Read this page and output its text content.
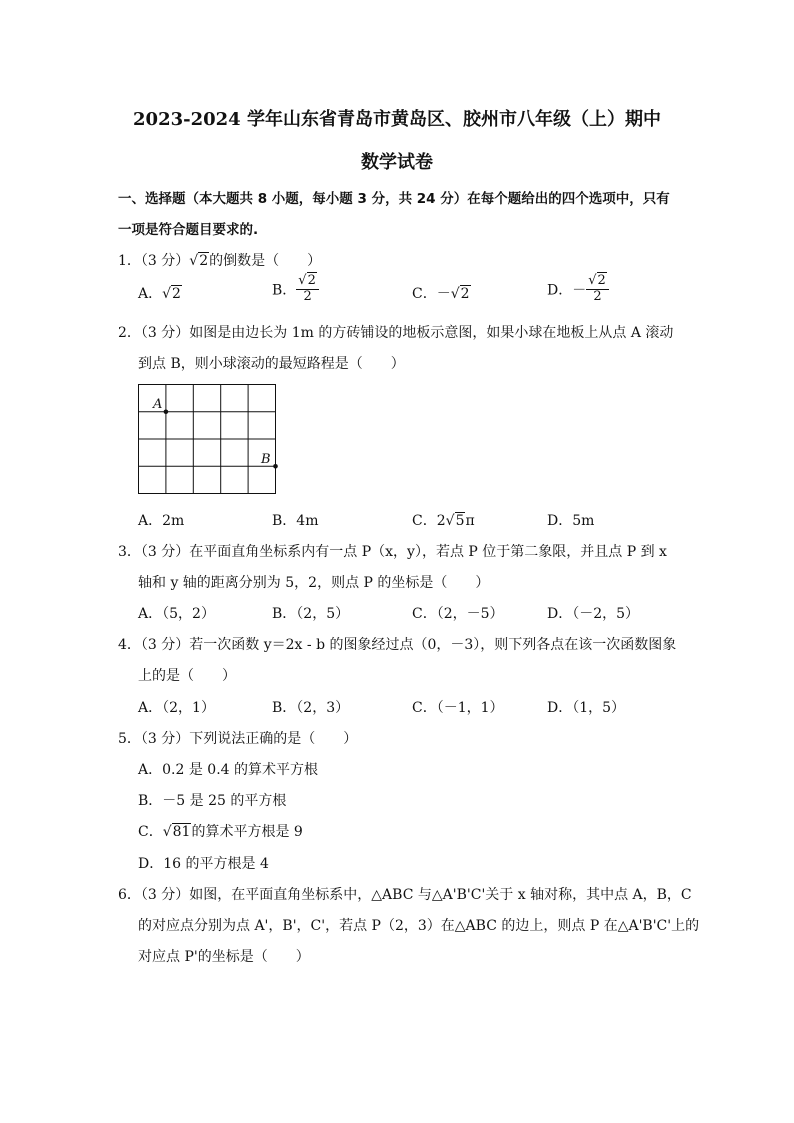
2023-2024 学年山东省青岛市黄岛区、胶州市八年级（上）期中
数学试卷
一、选择题（本大题共 8 小题，每小题 3 分，共 24 分）在每个题给出的四个选项中，只有
一项是符合题目要求的.
1．（3 分）√2的倒数是（　　）
A．√2	B． $\frac{√2}{2}$	C．－√2	D．－ $\frac{√2}{2}$
2．（3 分）如图是由边长为 1m 的方砖铺设的地板示意图，如果小球在地板上从点 A 滚动
到点 B，则小球滚动的最短路程是（　　）
A
B
A．2m	B．4m	C．2√5π	D．5m
3．（3 分）在平面直角坐标系内有一点 P（x，y），若点 P 位于第二象限，并且点 P 到 x
轴和 y 轴的距离分别为 5，2，则点 P 的坐标是（　　）
A．（5，2）	B．（2，5）	C．（2，－5）	D．（－2，5）
4．（3 分）若一次函数 y＝2x - b 的图象经过点（0，－3），则下列各点在该一次函数图象
上的是（　　）
A．（2，1）	B．（2，3）	C．（－1，1）	D．（1，5）
5．（3 分）下列说法正确的是（　　）
A．0.2 是 0.4 的算术平方根
B．－5 是 25 的平方根
C．√81的算术平方根是 9
D．16 的平方根是 4
6．（3 分）如图，在平面直角坐标系中，△ABC 与△A'B'C'关于 x 轴对称，其中点 A，B，C
的对应点分别为点 A'，B'，C'，若点 P（2，3）在△ABC 的边上，则点 P 在△A'B'C'上的
对应点 P'的坐标是（　　）
